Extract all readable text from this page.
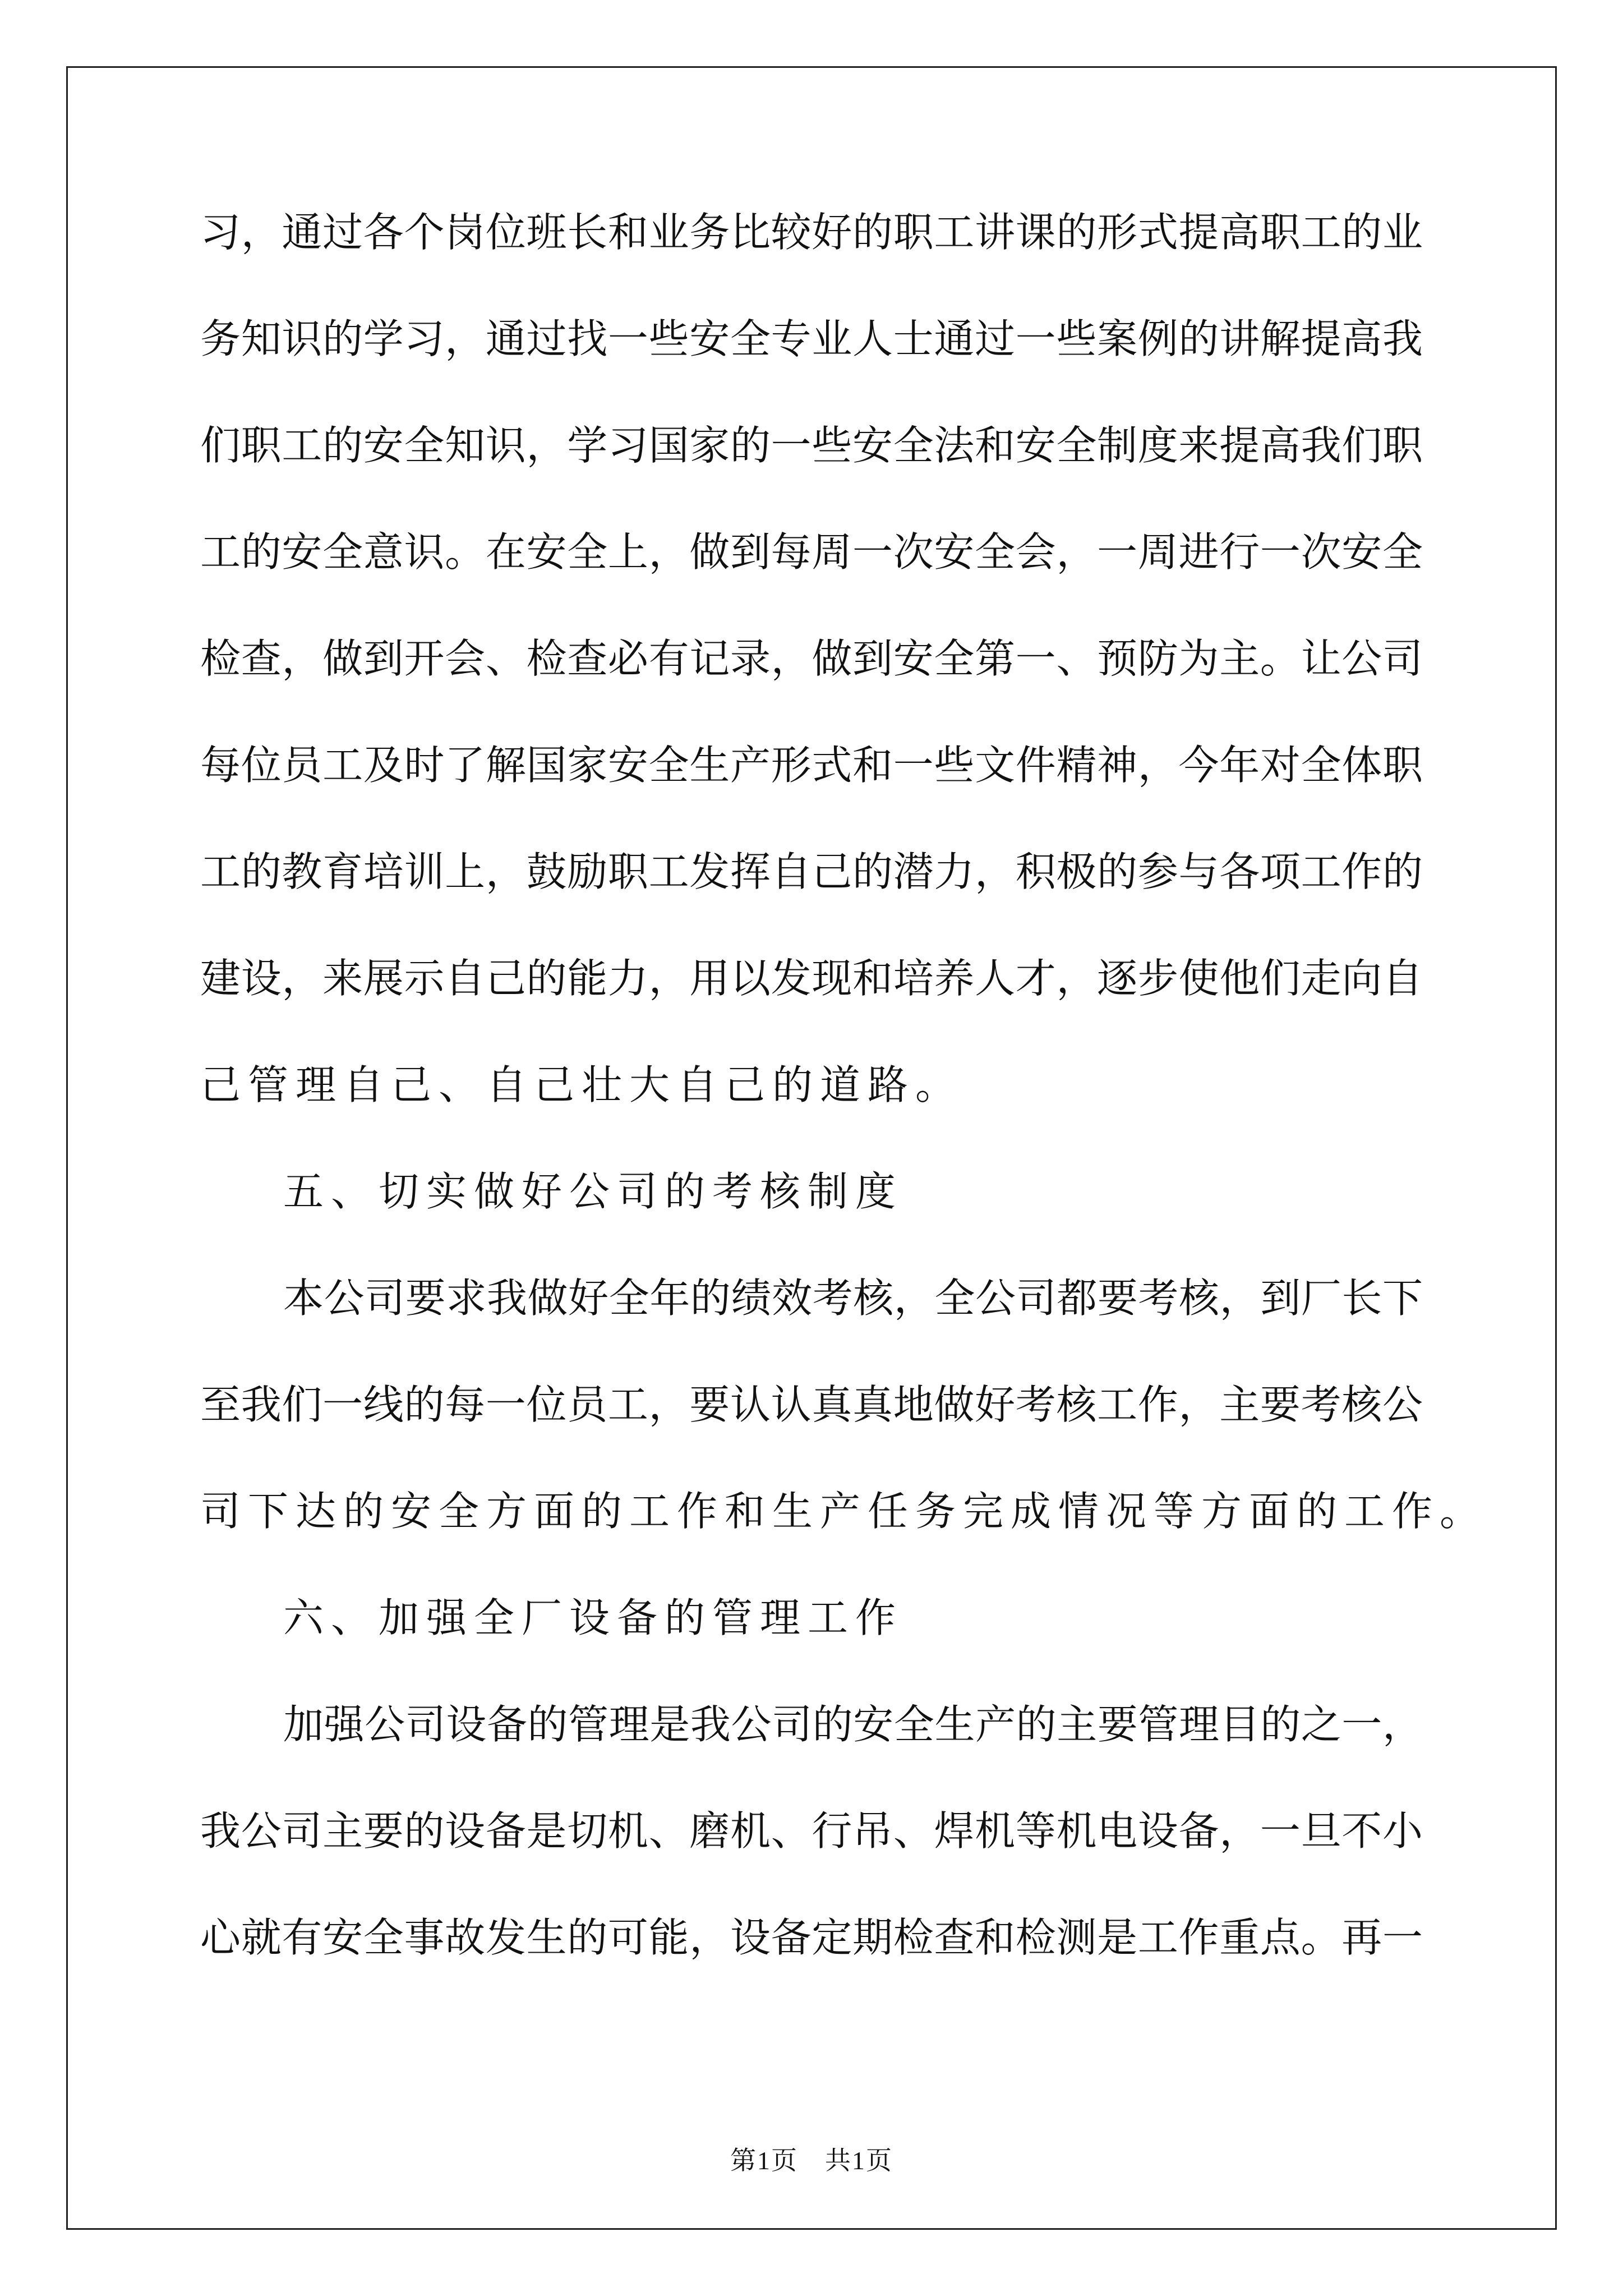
习，通过各个岗位班长和业务比较好的职工讲课的形式提高职工的业
务知识的学习，通过找一些安全专业人士通过一些案例的讲解提高我
们职工的安全知识，学习国家的一些安全法和安全制度来提高我们职
工的安全意识。在安全上，做到每周一次安全会，一周进行一次安全
检查，做到开会、检查必有记录，做到安全第一、预防为主。让公司
每位员工及时了解国家安全生产形式和一些文件精神，今年对全体职
工的教育培训上，鼓励职工发挥自己的潜力，积极的参与各项工作的
建设，来展示自己的能力，用以发现和培养人才，逐步使他们走向自
己管理自己、自己壮大自己的道路。
五、切实做好公司的考核制度
本公司要求我做好全年的绩效考核，全公司都要考核，到厂长下
至我们一线的每一位员工，要认认真真地做好考核工作，主要考核公
司下达的安全方面的工作和生产任务完成情况等方面的工作。
六、加强全厂设备的管理工作
加强公司设备的管理是我公司的安全生产的主要管理目的之一，
我公司主要的设备是切机、磨机、行吊、焊机等机电设备，一旦不小
心就有安全事故发生的可能，设备定期检查和检测是工作重点。再一
第1页　共1页
